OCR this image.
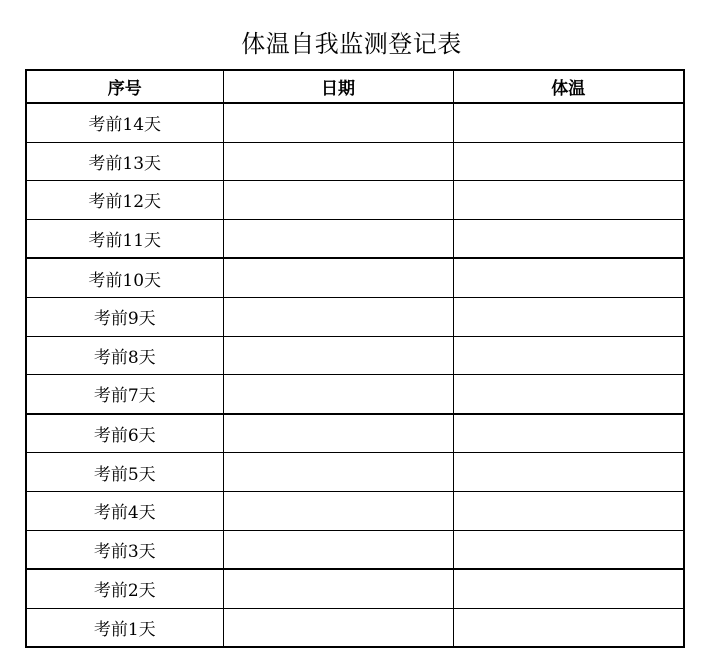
体温自我监测登记表
序号	日期	体温
考前14天		
考前13天		
考前12天		
考前11天		
考前10天		
考前9天		
考前8天		
考前7天		
考前6天		
考前5天		
考前4天		
考前3天		
考前2天		
考前1天		
